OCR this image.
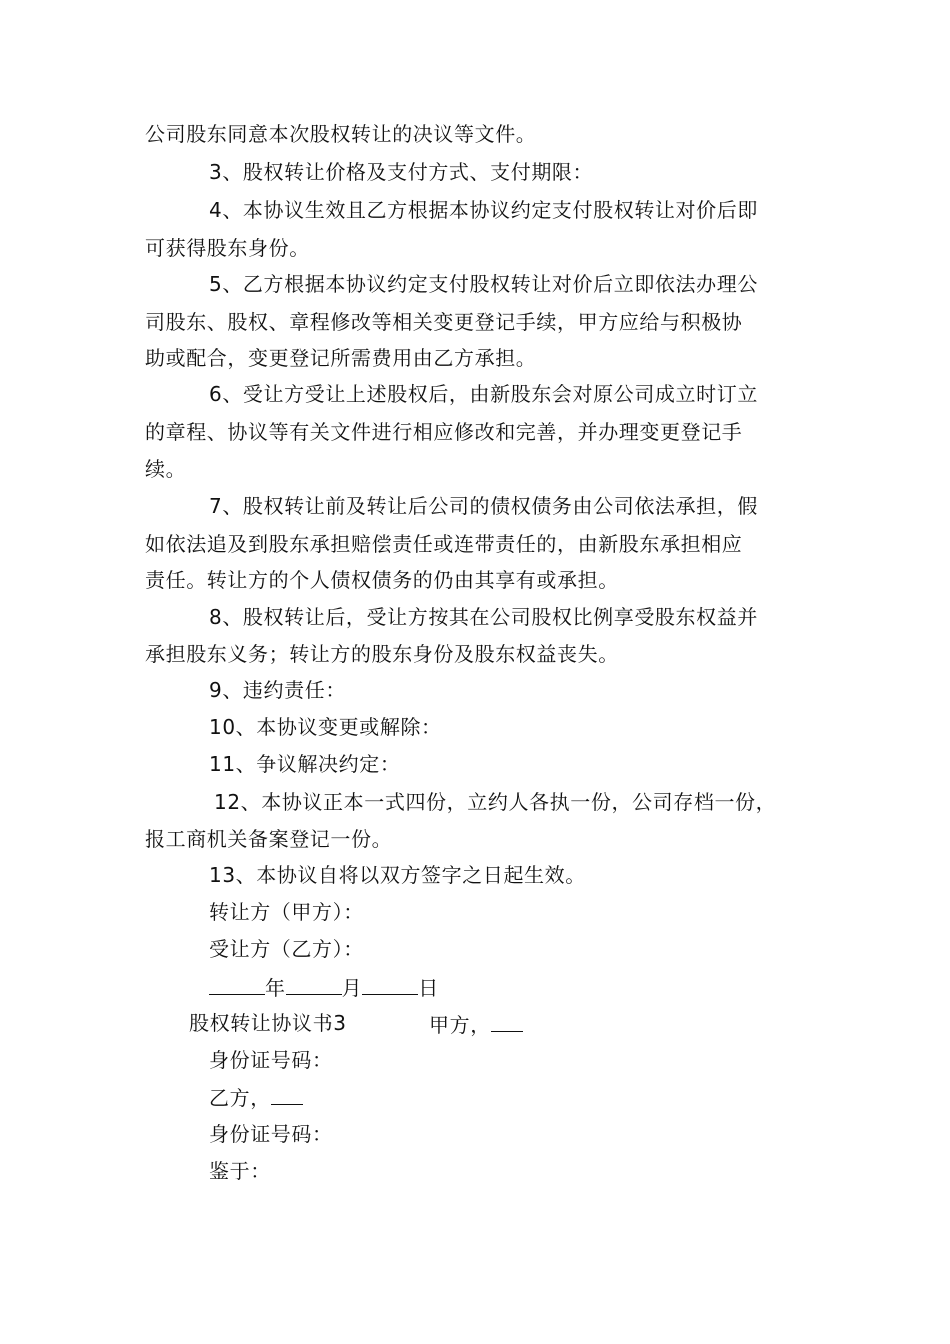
公司股东同意本次股权转让的决议等文件。
3、股权转让价格及支付方式、支付期限：
4、本协议生效且乙方根据本协议约定支付股权转让对价后即
可获得股东身份。
5、乙方根据本协议约定支付股权转让对价后立即依法办理公
司股东、股权、章程修改等相关变更登记手续，甲方应给与积极协
助或配合，变更登记所需费用由乙方承担。
6、受让方受让上述股权后，由新股东会对原公司成立时订立
的章程、协议等有关文件进行相应修改和完善，并办理变更登记手
续。
7、股权转让前及转让后公司的债权债务由公司依法承担，假
如依法追及到股东承担赔偿责任或连带责任的，由新股东承担相应
责任。转让方的个人债权债务的仍由其享有或承担。
8、股权转让后，受让方按其在公司股权比例享受股东权益并
承担股东义务；转让方的股东身份及股东权益丧失。
9、违约责任：
10、本协议变更或解除：
11、争议解决约定：
12、本协议正本一式四份，立约人各执一份，公司存档一份，
报工商机关备案登记一份。
13、本协议自将以双方签字之日起生效。
转让方（甲方）：
受让方（乙方）：
年	月	日
股权转让协议书3	甲方，
身份证号码：
乙方，
身份证号码：
鉴于：
